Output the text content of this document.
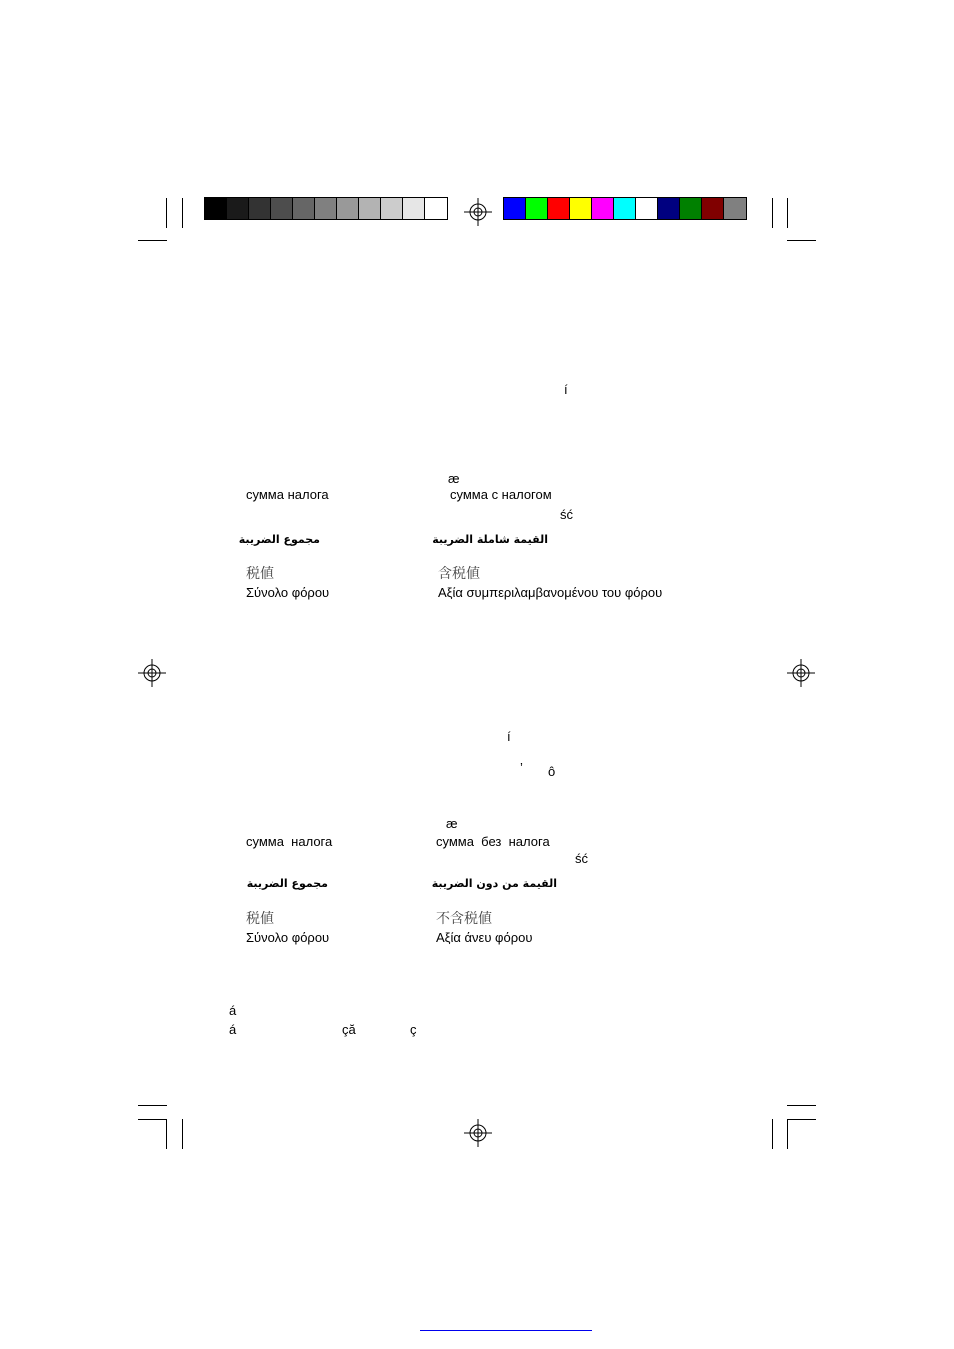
í
æ
сумма налога	сумма с налогом
ść
مجموع الضريبة	القيمة شاملة الضريبة
税値	含税値
Σύνολο φόρου	Αξία συμπεριλαμβανομένου του φόρου
í
’ ô
æ
сумма  налога	сумма  без  налога
ść
مجموع الضريبة	القيمة من دون الضريبة
税値	不含税値
Σύνολο φόρου	Αξία άνευ φόρου
á
á	çă	ç
